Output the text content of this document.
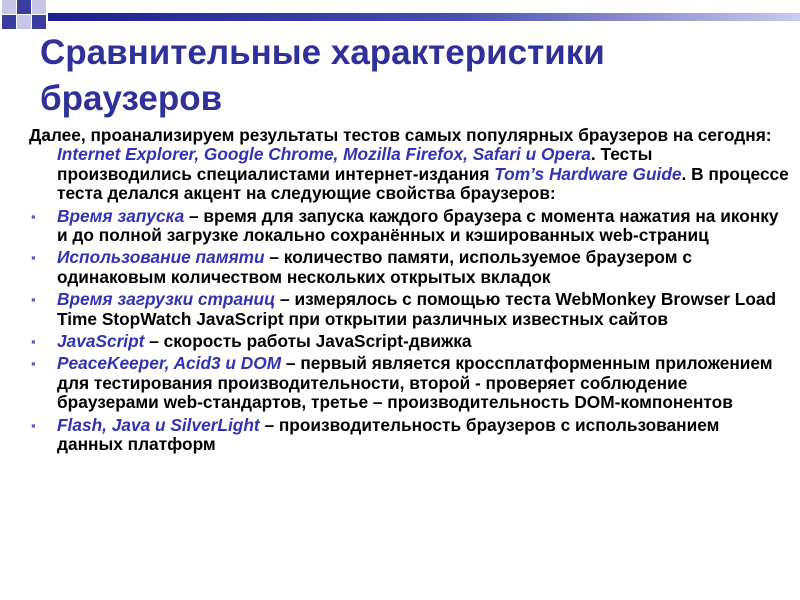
Сравнительные характеристики браузеров

Далее, проанализируем результаты тестов самых популярных браузеров на сегодня: Internet Explorer, Google Chrome, Mozilla Firefox, Safari и Opera. Тесты производились специалистами интернет-издания Tom’s Hardware Guide. В процессе теста делался акцент на следующие свойства браузеров:

▪ Время запуска – время для запуска каждого браузера с момента нажатия на иконку и до полной загрузке локально сохранённых и кэшированных web-страниц
▪ Использование памяти – количество памяти, используемое браузером с одинаковым количеством нескольких открытых вкладок
▪ Время загрузки страниц – измерялось с помощью теста WebMonkey Browser Load Time StopWatch JavaScript при открытии различных известных сайтов
▪ JavaScript – скорость работы JavaScript-движка
▪ PeaceKeeper, Acid3 и DOM – первый является кроссплатформенным приложением для тестирования производительности, второй - проверяет соблюдение браузерами web-стандартов, третье – производительность DOM-компонентов
▪ Flash, Java и SilverLight – производительность браузеров с использованием данных платформ
